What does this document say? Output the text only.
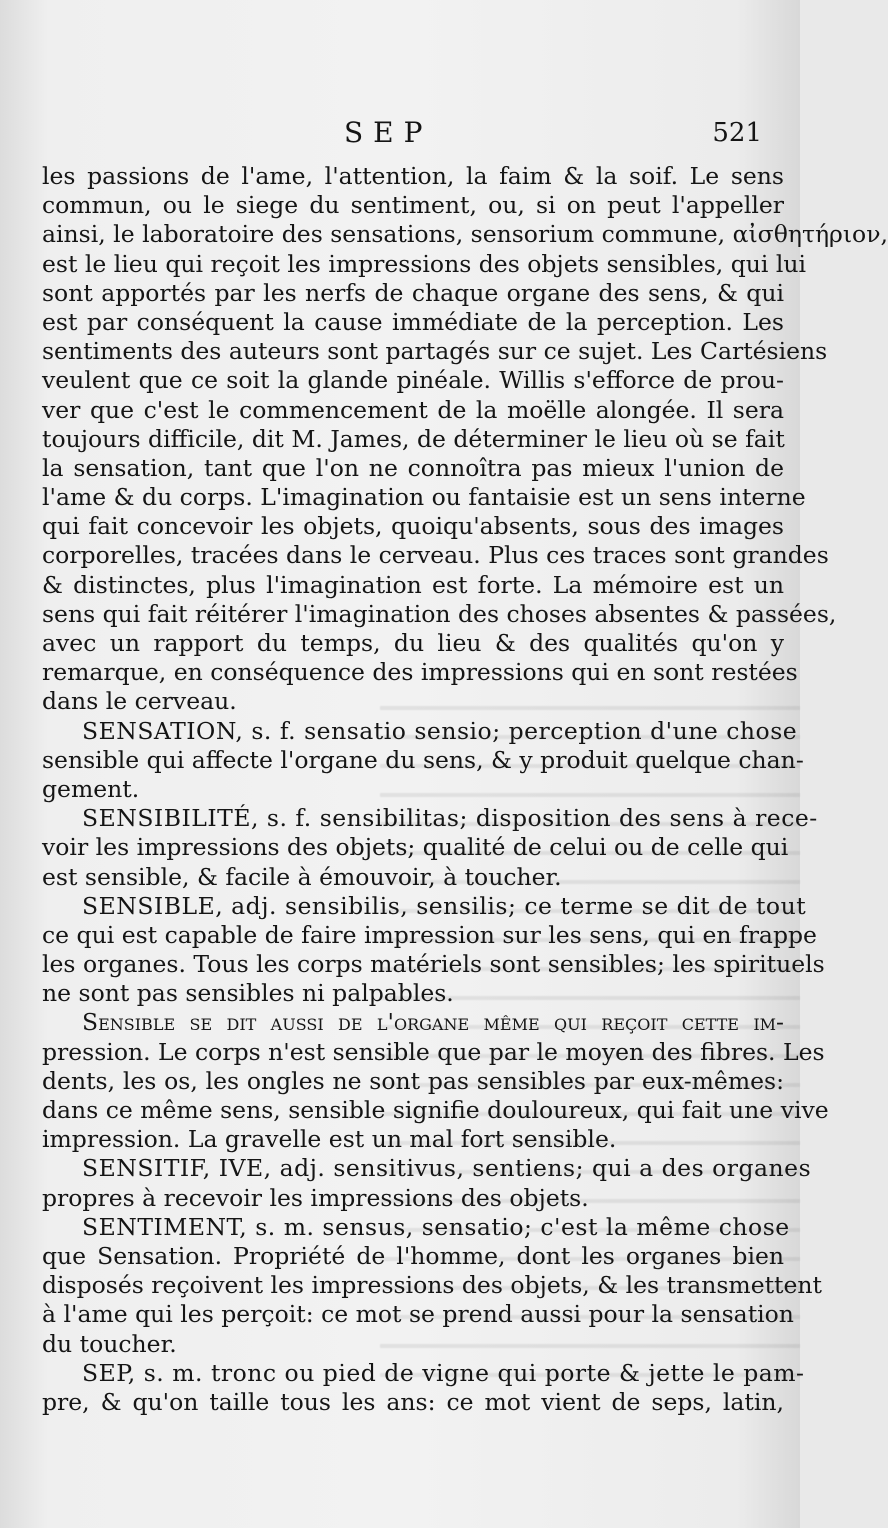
SEP	521
les passions de l'ame, l'attention, la faim & la soif. Le sens
commun, ou le siege du sentiment, ou, si on peut l'appeller
ainsi, le laboratoire des sensations, sensorium commune, αἰσθητήριον,
est le lieu qui reçoit les impressions des objets sensibles, qui lui
sont apportés par les nerfs de chaque organe des sens, & qui
est par conséquent la cause immédiate de la perception. Les
sentiments des auteurs sont partagés sur ce sujet. Les Cartésiens
veulent que ce soit la glande pinéale. Willis s'efforce de prou-
ver que c'est le commencement de la moëlle alongée. Il sera
toujours difficile, dit M. James, de déterminer le lieu où se fait
la sensation, tant que l'on ne connoîtra pas mieux l'union de
l'ame & du corps. L'imagination ou fantaisie est un sens interne
qui fait concevoir les objets, quoiqu'absents, sous des images
corporelles, tracées dans le cerveau. Plus ces traces sont grandes
& distinctes, plus l'imagination est forte. La mémoire est un
sens qui fait réitérer l'imagination des choses absentes & passées,
avec un rapport du temps, du lieu & des qualités qu'on y
remarque, en conséquence des impressions qui en sont restées
dans le cerveau.
SENSATION, s. f. sensatio sensio; perception d'une chose
sensible qui affecte l'organe du sens, & y produit quelque chan-
gement.
SENSIBILITÉ, s. f. sensibilitas; disposition des sens à rece-
voir les impressions des objets; qualité de celui ou de celle qui
est sensible, & facile à émouvoir, à toucher.
SENSIBLE, adj. sensibilis, sensilis; ce terme se dit de tout
ce qui est capable de faire impression sur les sens, qui en frappe
les organes. Tous les corps matériels sont sensibles; les spirituels
ne sont pas sensibles ni palpables.
Sensible se dit aussi de l'organe même qui reçoit cette im-
pression. Le corps n'est sensible que par le moyen des fibres. Les
dents, les os, les ongles ne sont pas sensibles par eux-mêmes:
dans ce même sens, sensible signifie douloureux, qui fait une vive
impression. La gravelle est un mal fort sensible.
SENSITIF, IVE, adj. sensitivus, sentiens; qui a des organes
propres à recevoir les impressions des objets.
SENTIMENT, s. m. sensus, sensatio; c'est la même chose
que Sensation. Propriété de l'homme, dont les organes bien
disposés reçoivent les impressions des objets, & les transmettent
à l'ame qui les perçoit: ce mot se prend aussi pour la sensation
du toucher.
SEP, s. m. tronc ou pied de vigne qui porte & jette le pam-
pre, & qu'on taille tous les ans: ce mot vient de seps, latin,
